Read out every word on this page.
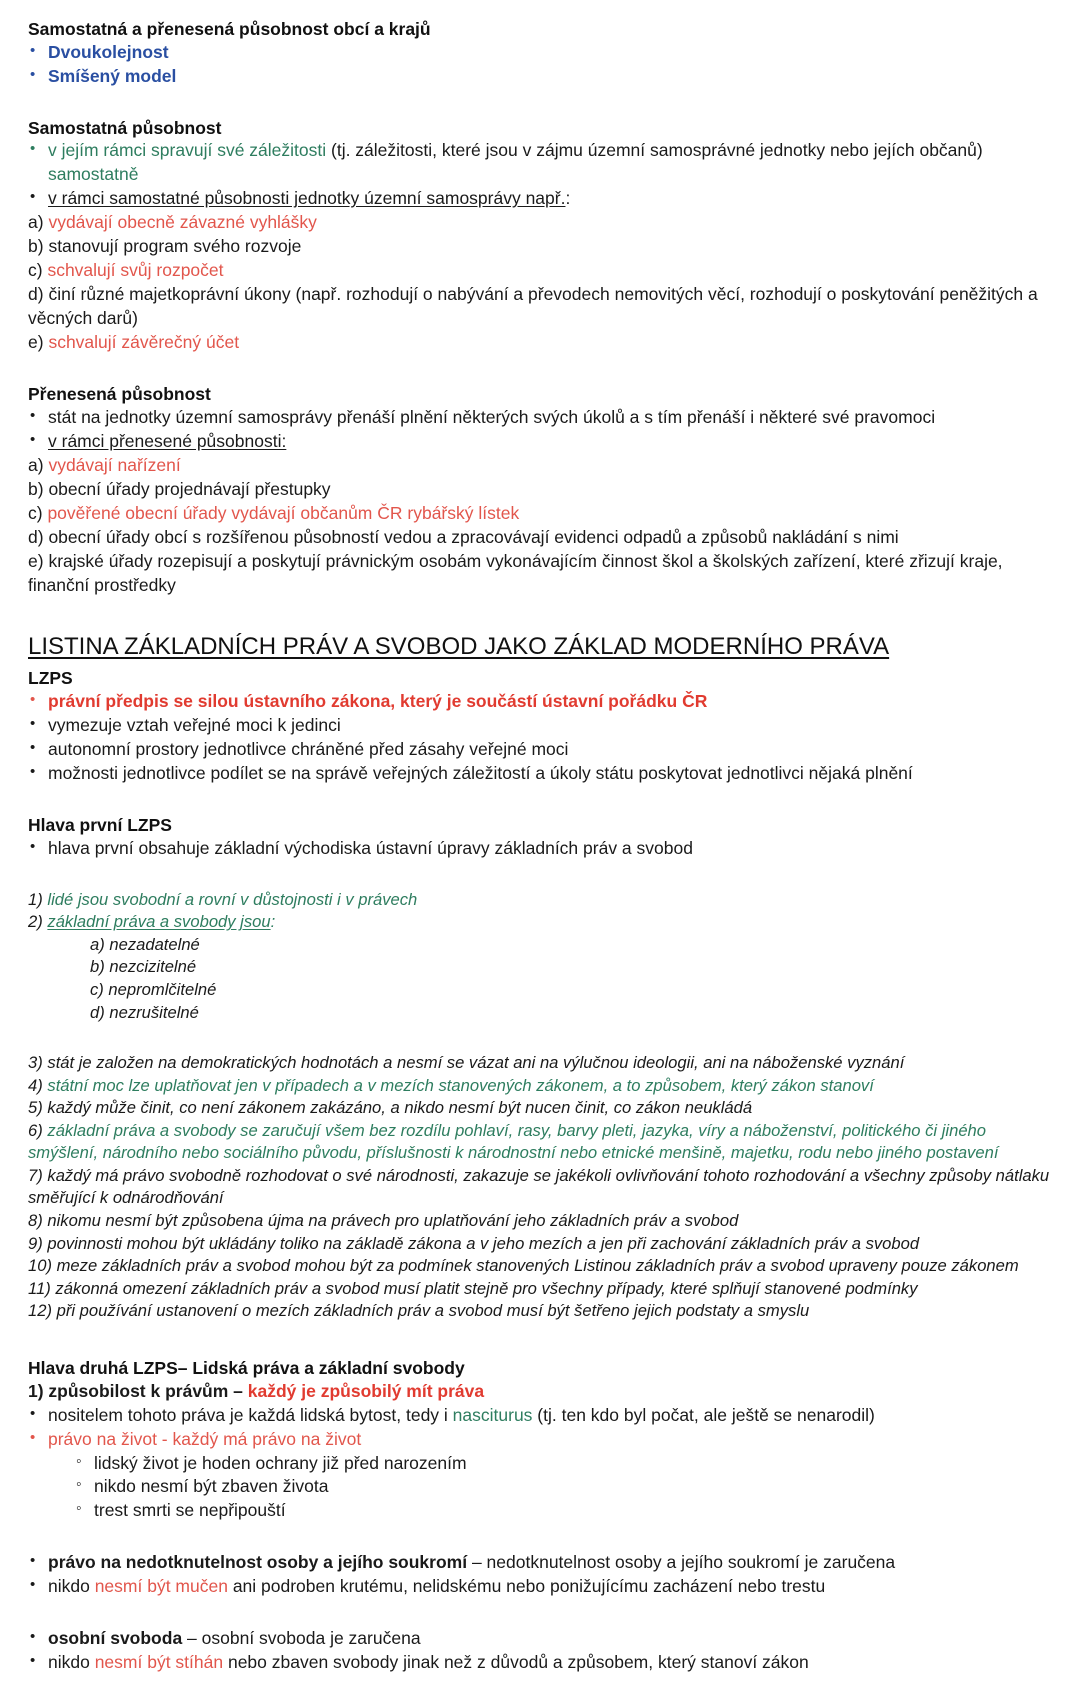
Samostatná a přenesená působnost obcí a krajů
• Dvoukolejnost
• Smíšený model
Samostatná působnost
• v jejím rámci spravují své záležitosti (tj. záležitosti, které jsou v zájmu územní samosprávné jednotky nebo jejích občanů) samostatně
• v rámci samostatné působnosti jednotky územní samosprávy např.:
a) vydávají obecně závazné vyhlášky
b) stanovují program svého rozvoje
c) schvalují svůj rozpočet
d) činí různé majetkoprávní úkony (např. rozhodují o nabývání a převodech nemovitých věcí, rozhodují o poskytování peněžitých a věcných darů)
e) schvalují závěrečný účet
Přenesená působnost
• stát na jednotky územní samosprávy přenáší plnění některých svých úkolů a s tím přenáší i některé své pravomoci
• v rámci přenesené působnosti:
a) vydávají nařízení
b) obecní úřady projednávají přestupky
c) pověřené obecní úřady vydávají občanům ČR rybářský lístek
d) obecní úřady obcí s rozšířenou působností vedou a zpracovávají evidenci odpadů a způsobů nakládání s nimi
e) krajské úřady rozepisují a poskytují právnickým osobám vykonávajícím činnost škol a školských zařízení, které zřizují kraje, finanční prostředky
LISTINA ZÁKLADNÍCH PRÁV A SVOBOD JAKO ZÁKLAD MODERNÍHO PRÁVA
LZPS
• právní předpis se silou ústavního zákona, který je součástí ústavní pořádku ČR
• vymezuje vztah veřejné moci k jedinci
• autonomní prostory jednotlivce chráněné před zásahy veřejné moci
• možnosti jednotlivce podílet se na správě veřejných záležitostí a úkoly státu poskytovat jednotlivci nějaká plnění
Hlava první LZPS
• hlava první obsahuje základní východiska ústavní úpravy základních práv a svobod
1) lidé jsou svobodní a rovní v důstojnosti i v právech
2) základní práva a svobody jsou:
a) nezadatelné
b) nezcizitelné
c) nepromlčitelné
d) nezrušitelné
3) stát je založen na demokratických hodnotách a nesmí se vázat ani na výlučnou ideologii, ani na náboženské vyznání
4) státní moc lze uplatňovat jen v případech a v mezích stanovených zákonem, a to způsobem, který zákon stanoví
5) každý může činit, co není zákonem zakázáno, a nikdo nesmí být nucen činit, co zákon neukládá
6) základní práva a svobody se zaručují všem bez rozdílu pohlaví, rasy, barvy pleti, jazyka, víry a náboženství, politického či jiného smýšlení, národního nebo sociálního původu, příslušnosti k národnostní nebo etnické menšině, majetku, rodu nebo jiného postavení
7) každý má právo svobodně rozhodovat o své národnosti, zakazuje se jakékoli ovlivňování tohoto rozhodování a všechny způsoby nátlaku směřující k odnárodňování
8) nikomu nesmí být způsobena újma na právech pro uplatňování jeho základních práv a svobod
9) povinnosti mohou být ukládány toliko na základě zákona a v jeho mezích a jen při zachování základních práv a svobod
10) meze základních práv a svobod mohou být za podmínek stanovených Listinou základních práv a svobod upraveny pouze zákonem
11) zákonná omezení základních práv a svobod musí platit stejně pro všechny případy, které splňují stanovené podmínky
12) při používání ustanovení o mezích základních práv a svobod musí být šetřeno jejich podstaty a smyslu
Hlava druhá LZPS– Lidská práva a základní svobody
1) způsobilost k právům – každý je způsobilý mít práva
• nositelem tohoto práva je každá lidská bytost, tedy i nasciturus (tj. ten kdo byl počat, ale ještě se nenarodil)
• právo na život - každý má právo na život
◦ lidský život je hoden ochrany již před narozením
◦ nikdo nesmí být zbaven života
◦ trest smrti se nepřipouští
• právo na nedotknutelnost osoby a jejího soukromí – nedotknutelnost osoby a jejího soukromí je zaručena
• nikdo nesmí být mučen ani podroben krutému, nelidskému nebo ponižujícímu zacházení nebo trestu
• osobní svoboda – osobní svoboda je zaručena
• nikdo nesmí být stíhán nebo zbaven svobody jinak než z důvodů a způsobem, který stanoví zákon
